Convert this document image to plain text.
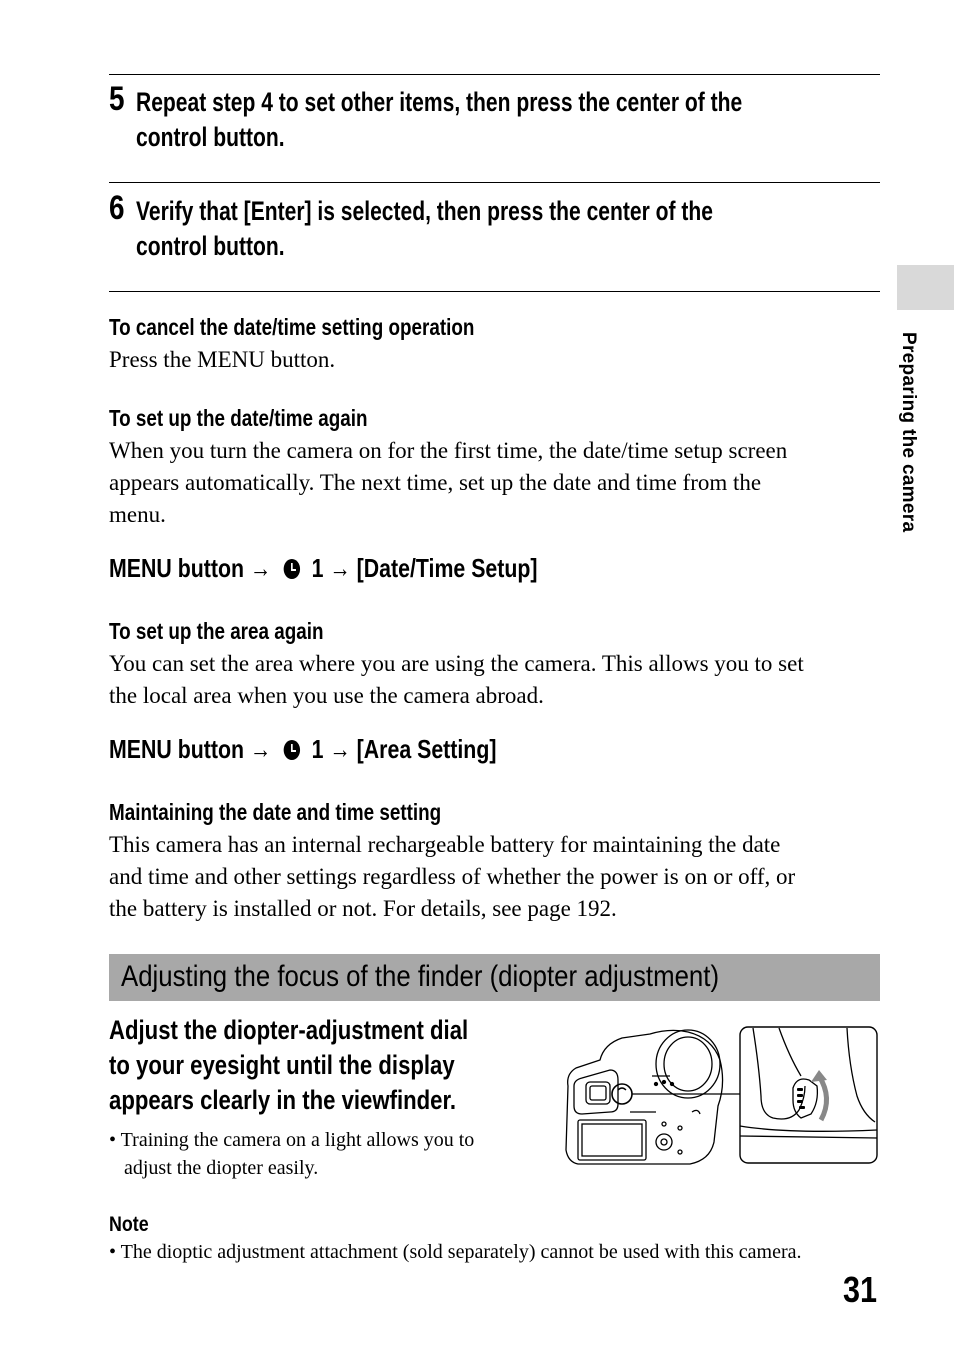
5 Repeat step 4 to set other items, then press the center of the
control button.
6 Verify that [Enter] is selected, then press the center of the
control button.
To cancel the date/time setting operation
Press the MENU button.
To set up the date/time again
When you turn the camera on for the first time, the date/time setup screen
appears automatically. The next time, set up the date and time from the
menu.
MENU button → 1 → [Date/Time Setup]
To set up the area again
You can set the area where you are using the camera. This allows you to set
the local area when you use the camera abroad.
MENU button → 1 → [Area Setting]
Maintaining the date and time setting
This camera has an internal rechargeable battery for maintaining the date
and time and other settings regardless of whether the power is on or off, or
the battery is installed or not. For details, see page 192.
Adjusting the focus of the finder (diopter adjustment)
Adjust the diopter-adjustment dial
to your eyesight until the display
appears clearly in the viewfinder.
• Training the camera on a light allows you to
adjust the diopter easily.
Note
• The dioptic adjustment attachment (sold separately) cannot be used with this camera.
Preparing the camera
31
